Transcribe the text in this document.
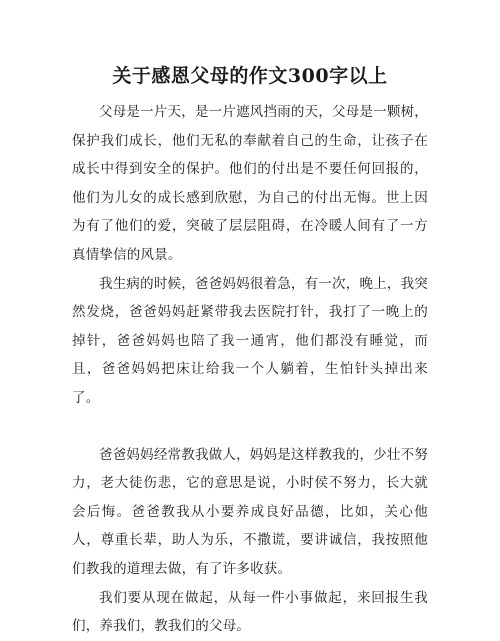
关于感恩父母的作文300字以上

父母是一片天，是一片遮风挡雨的天，父母是一颗树，保护我们成长，他们无私的奉献着自己的生命，让孩子在成长中得到安全的保护。他们的付出是不要任何回报的，他们为儿女的成长感到欣慰，为自己的付出无悔。世上因为有了他们的爱，突破了层层阻碍，在冷暖人间有了一方真情挚信的风景。

我生病的时候，爸爸妈妈很着急，有一次，晚上，我突然发烧，爸爸妈妈赶紧带我去医院打针，我打了一晚上的掉针，爸爸妈妈也陪了我一通宵，他们都没有睡觉，而且，爸爸妈妈把床让给我一个人躺着，生怕针头掉出来了。

爸爸妈妈经常教我做人，妈妈是这样教我的，少壮不努力，老大徒伤悲，它的意思是说，小时侯不努力，长大就会后悔。爸爸教我从小要养成良好品德，比如，关心他人，尊重长辈，助人为乐，不撒谎，要讲诚信，我按照他们教我的道理去做，有了许多收获。

我们要从现在做起，从每一件小事做起，来回报生我们，养我们，教我们的父母。
